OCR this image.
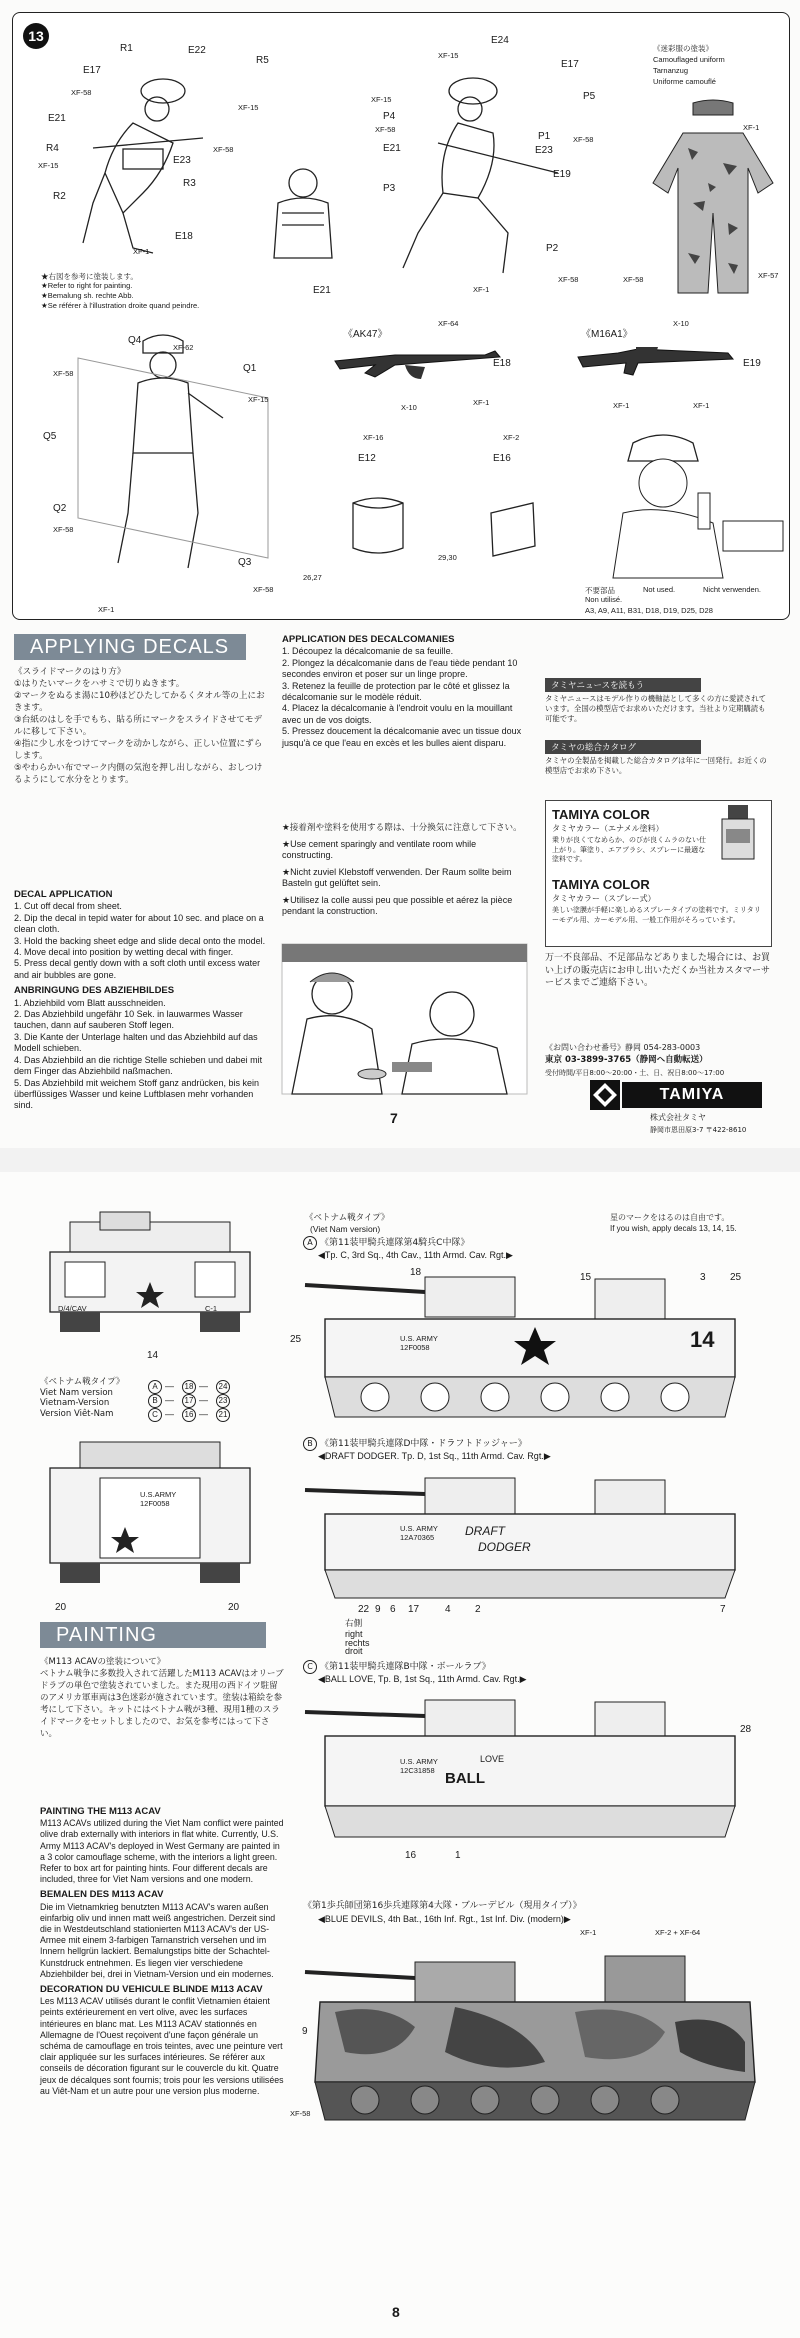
13
R1	E22
R5
E17
XF-58
XF-15
E21
R4
XF-15	E23
XF-58
R3
R2
E18
XF-1
★右図を参考に塗装します。
★Refer to right for painting.
★Bemalung sh. rechte Abb.
★Se référer à l'illustration droite quand peindre.
XF-15
E24
E17
P5
P4
XF-15
E21
XF-58
P1
E23
XF-58
P3
E19
P2
XF-58
XF-1
E21
《迷彩服の塗装》
Camouflaged uniform
Tarnanzug
Uniforme camouflé
XF-1
XF-58	XF-57
Q4
XF-62
XF-58	Q1
XF-15
Q5
Q2
XF-58
Q3
XF-58
XF-1
《AK47》
XF-64
E18
X-10
XF-1
《M16A1》
X-10
E19
XF-1	XF-1
XF-16
E12
XF-2
E16
26,27
29,30
不要部品	Not used.	Nicht verwenden.
Non utilisé.
A3, A9, A11, B31, D18, D19, D25, D28
APPLYING DECALS
《スライドマークのはり方》
①はりたいマークをハサミで切りぬきます。
②マークをぬるま湯に10秒ほどひたしてかるくタオル等の上におきます。
③台紙のはしを手でもち、貼る所にマークをスライドさせてモデルに移して下さい。
④指に少し水をつけてマークを动かしながら、正しい位置にずらします。
⑤やわらかい布でマーク内側の気泡を押し出しながら、おしつけるようにして水分をとります。
DECAL APPLICATION
1. Cut off decal from sheet.
2. Dip the decal in tepid water for about 10 sec. and place on a clean cloth.
3. Hold the backing sheet edge and slide decal onto the model.
4. Move decal into position by wetting decal with finger.
5. Press decal gently down with a soft cloth until excess water and air bubbles are gone.
ANBRINGUNG DES ABZIEHBILDES
1. Abziehbild vom Blatt ausschneiden.
2. Das Abziehbild ungefähr 10 Sek. in lauwarmes Wasser tauchen, dann auf sauberen Stoff legen.
3. Die Kante der Unterlage halten und das Abziehbild auf das Modell schieben.
4. Das Abziehbild an die richtige Stelle schieben und dabei mit dem Finger das Abziehbild naßmachen.
5. Das Abziehbild mit weichem Stoff ganz andrücken, bis kein überflüssiges Wasser und keine Luftblasen mehr vorhanden sind.
APPLICATION DES DECALCOMANIES
1. Découpez la décalcomanie de sa feuille.
2. Plongez la décalcomanie dans de l'eau tiède pendant 10 secondes environ et poser sur un linge propre.
3. Retenez la feuille de protection par le côté et glissez la décalcomanie sur le modèle réduit.
4. Placez la décalcomanie à l'endroit voulu en la mouillant avec un de vos doigts.
5. Pressez doucement la décalcomanie avec un tissue doux jusqu'à ce que l'eau en excès et les bulles aient disparu.

★接着剤や塗料を使用する際は、十分換気に注意して下さい。

★Use cement sparingly and ventilate room while constructing.

★Nicht zuviel Klebstoff verwenden. Der Raum sollte beim Basteln gut gelüftet sein.

★Utilisez la colle aussi peu que possible et aérez la pièce pendant la construction.

タミヤニュースを読もう
タミヤニュースはモデル作りの機軸誌として多くの方に愛読されています。全国の模型店でお求めいただけます。当社より定期購読も可能です。
タミヤの総合カタログ
タミヤの全製品を掲載した総合カタログは年に一回発行。お近くの模型店でお求め下さい。
TAMIYA COLOR
タミヤカラー（エナメル塗料）
乗りが良くてなめらか、のびが良くムラのない仕上がり。筆塗り、エアブラシ、スプレーに最適な塗料です。
TAMIYA COLOR
タミヤカラー（スプレー式）
美しい塗膜が手軽に楽しめるスプレータイプの塗料です。ミリタリーモデル用、カーモデル用、一般工作用がそろっています。
万一不良部品、不足部品などありました場合には、お買い上げの販売店にお申し出いただくか当社カスタマーサービスまでご連絡下さい。
《お問い合わせ番号》静岡 054-283-0003
東京 03-3899-3765（静岡へ自動転送）
受付時間/平日8:00〜20:00・土、日、祝日8:00〜17:00
TAMIYA
株式会社タミヤ
静岡市恩田原3-7 〒422-8610
7
D/4/CAV	C-1
14
《ベトナム戦タイプ》
Viet Nam version
Vietnam-Version
Version Viêt-Nam
A — 18 — 24
B — 17 — 23
C — 16 — 21
U.S.ARMY
12F0058
20	20
PAINTING
《M113 ACAVの塗装について》
ベトナム戦争に多数投入されて活躍したM113 ACAVはオリーブドラブの単色で塗装されていました。また現用の西ドイツ駐留のアメリカ軍車両は3色迷彩が施されています。塗装は箱絵を参考にして下さい。キットにはベトナム戦が3種、現用1種のスライドマークをセットしましたので、お気を参考にはって下さい。
PAINTING THE M113 ACAV
M113 ACAVs utilized during the Viet Nam conflict were painted olive drab externally with interiors in flat white. Currently, U.S. Army M113 ACAV's deployed in West Germany are painted in a 3 color camouflage scheme, with the interiors a light green. Refer to box art for painting hints. Four different decals are included, three for Viet Nam versions and one modern.
BEMALEN DES M113 ACAV
Die im Vietnamkrieg benutzten M113 ACAV's waren außen einfarbig oliv und innen matt weiß angestrichen. Derzeit sind die in Westdeutschland stationierten M113 ACAV's der US-Armee mit einem 3-farbigen Tarnanstrich versehen und im Innern hellgrün lackiert. Bemalungstips bitte der Schachtel-Kunstdruck entnehmen. Es liegen vier verschiedene Abziehbilder bei, drei in Vietnam-Version und ein modernes.
DECORATION DU VEHICULE BLINDE M113 ACAV
Les M113 ACAV utilisés durant le conflit Vietnamien étaient peints extérieurement en vert olive, avec les surfaces intérieures en blanc mat. Les M113 ACAV stationnés en Allemagne de l'Ouest reçoivent d'une façon générale un schéma de camouflage en trois teintes, avec une peinture vert clair appliquée sur les surfaces intérieures. Se référer aux conseils de décoration figurant sur le couvercle du kit. Quatre jeux de décalques sont fournis; trois pour les versions utilisées au Viêt-Nam et un autre pour une version plus moderne.
《ベトナム戦タイプ》
(Viet Nam version)
星のマークをはるのは自由です。
If you wish, apply decals 13, 14, 15.
A 《第11装甲騎兵連隊第4騎兵C中隊》
◀Tp. C, 3rd Sq., 4th Cav., 11th Armd. Cav. Rgt.▶
U.S. ARMY
12F0058	14
18	15	3 25
25
B 《第11装甲騎兵連隊D中隊・ドラフトドッジャー》
◀DRAFT DODGER. Tp. D, 1st Sq., 11th Armd. Cav. Rgt.▶
U.S. ARMY
12A70365	DRAFT
DODGER
22 9 6 17	4 2	7
右側
right
rechts
droit
C 《第11装甲騎兵連隊B中隊・ボールラブ》
◀BALL LOVE, Tp. B, 1st Sq., 11th Armd. Cav. Rgt.▶
U.S. ARMY
12C31858 BALL
LOVE
28
16	1
《第1歩兵師団第16歩兵連隊第4大隊・ブルーデビル（現用タイプ）》
◀BLUE DEVILS, 4th Bat., 16th Inf. Rgt., 1st Inf. Div. (modern)▶
XF-1	XF-2 + XF-64
XF-58
9
8
